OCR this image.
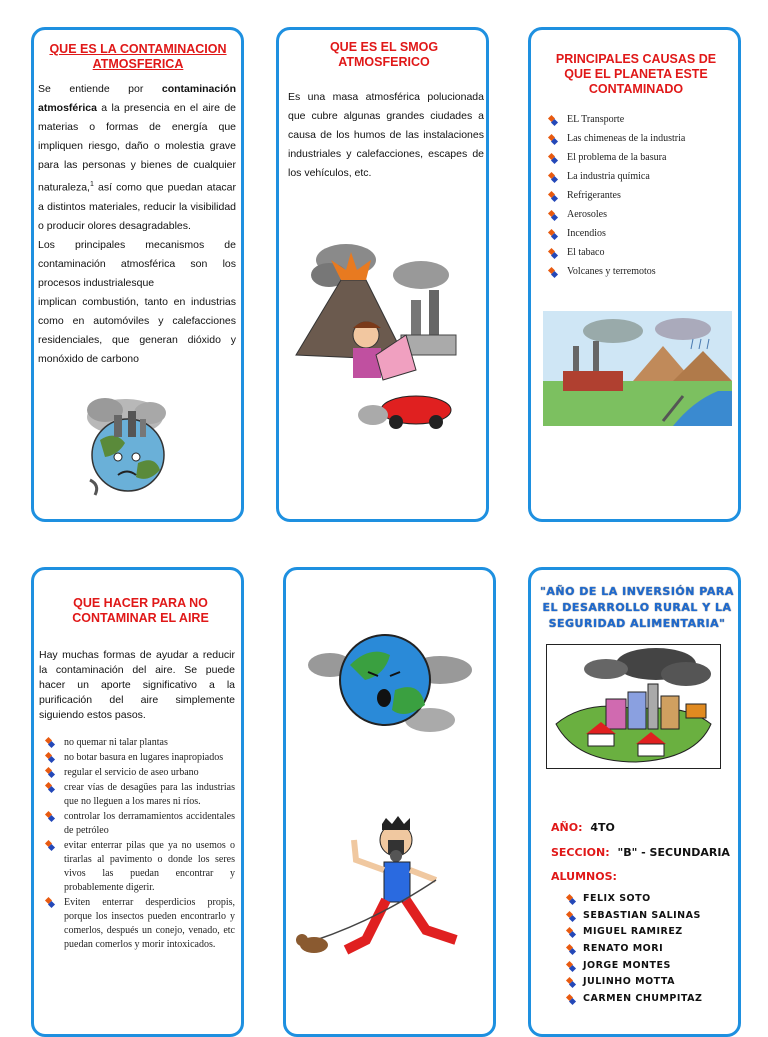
QUE ES LA CONTAMINACION ATMOSFERICA
Se entiende por contaminación atmosférica a la presencia en el aire de materias o formas de energía que impliquen riesgo, daño o molestia grave para las personas y bienes de cualquier naturaleza,$^1$ así como que puedan atacar a distintos materiales, reducir la visibilidad o producir olores desagradables.
Los principales mecanismos de contaminación atmosférica son los procesos industrialesque
implican combustión, tanto en industrias como en automóviles y calefacciones residenciales, que generan dióxido y monóxido de carbono
QUE ES EL SMOG ATMOSFERICO
Es una masa atmosférica polucionada que cubre algunas grandes ciudades a causa de los humos de las instalaciones industriales y calefacciones, escapes de los vehículos, etc.
PRINCIPALES CAUSAS DE QUE EL PLANETA ESTE CONTAMINADO
EL Transporte
Las chimeneas de la industria
El problema de la basura
La industria química
Refrigerantes
Aerosoles
Incendios
El tabaco
Volcanes y terremotos
QUE HACER PARA NO CONTAMINAR EL AIRE
Hay muchas formas de ayudar a reducir la contaminación del aire. Se puede hacer un aporte significativo a la purificación del aire simplemente siguiendo estos pasos.
no quemar ni talar plantas
no botar basura en lugares inapropiados
regular el servicio de aseo urbano
crear vías de desagües para las industrias que no lleguen a los mares ni ríos.
controlar los derramamientos accidentales de petróleo
evitar enterrar pilas que ya no usemos o tirarlas al pavimento o donde los seres vivos las puedan encontrar y probablemente digerir.
Eviten enterrar desperdicios propis, porque los insectos pueden encontrarlo y comerlos, después un conejo, venado, etc puedan comerlos y morir intoxicados.
"AÑO DE LA INVERSIÓN PARA EL DESARROLLO RURAL Y LA SEGURIDAD ALIMENTARIA"
AÑO: 4TO
SECCION: "B" - SECUNDARIA
ALUMNOS:
FELIX SOTO
SEBASTIAN SALINAS
MIGUEL RAMIREZ
RENATO MORI
JORGE MONTES
JULINHO MOTTA
CARMEN CHUMPITAZ
